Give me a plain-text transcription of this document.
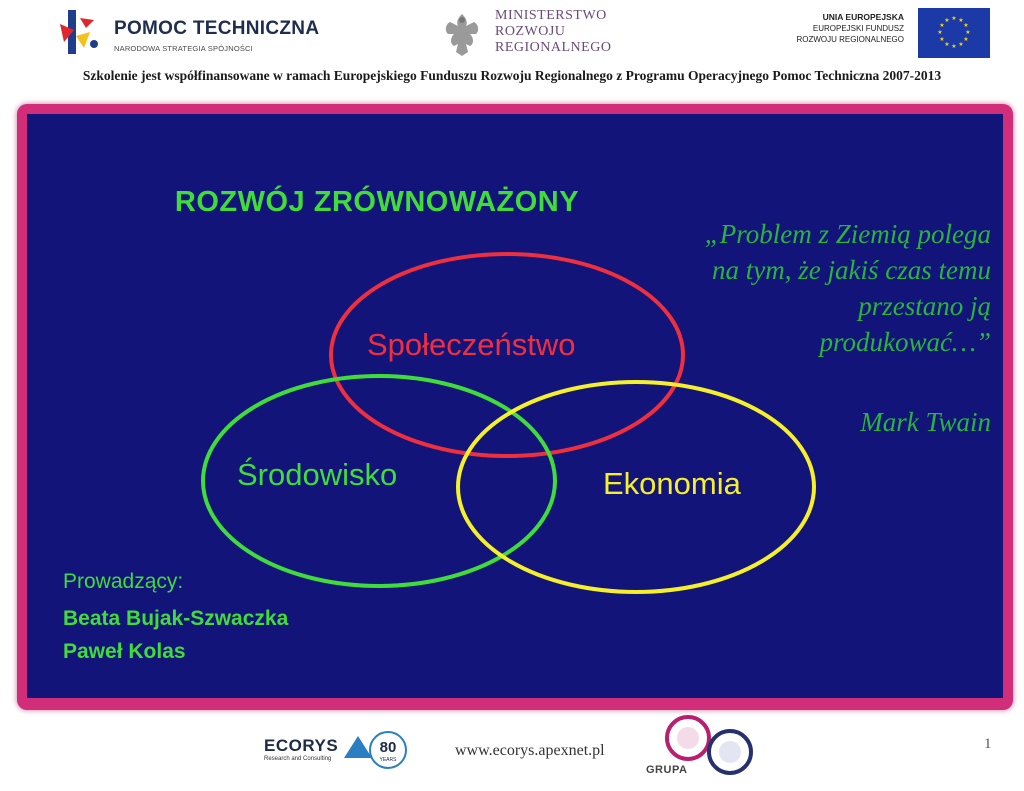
POMOC TECHNICZNA
NARODOWA STRATEGIA SPÓJNOŚCI
MINISTERSTWO
ROZWOJU
REGIONALNEGO
UNIA EUROPEJSKA
EUROPEJSKI FUNDUSZ
ROZWOJU REGIONALNEGO
★ ★
★
★
★
★
★
★
★
★
★
★
Szkolenie jest współfinansowane w ramach Europejskiego Funduszu Rozwoju Regionalnego z Programu Operacyjnego Pomoc Techniczna 2007-2013
ROZWÓJ ZRÓWNOWAŻONY
Społeczeństwo
Środowisko	Ekonomia
„Problem z Ziemią polega
na tym, że jakiś czas temu
przestano ją
produkować…”
Mark Twain
Prowadzący:
Beata Bujak-Szwaczka
Paweł Kolas
ECORYS
Research and Consulting
80
YEARS
www.ecorys.apexnet.pl
GRUPA
1
